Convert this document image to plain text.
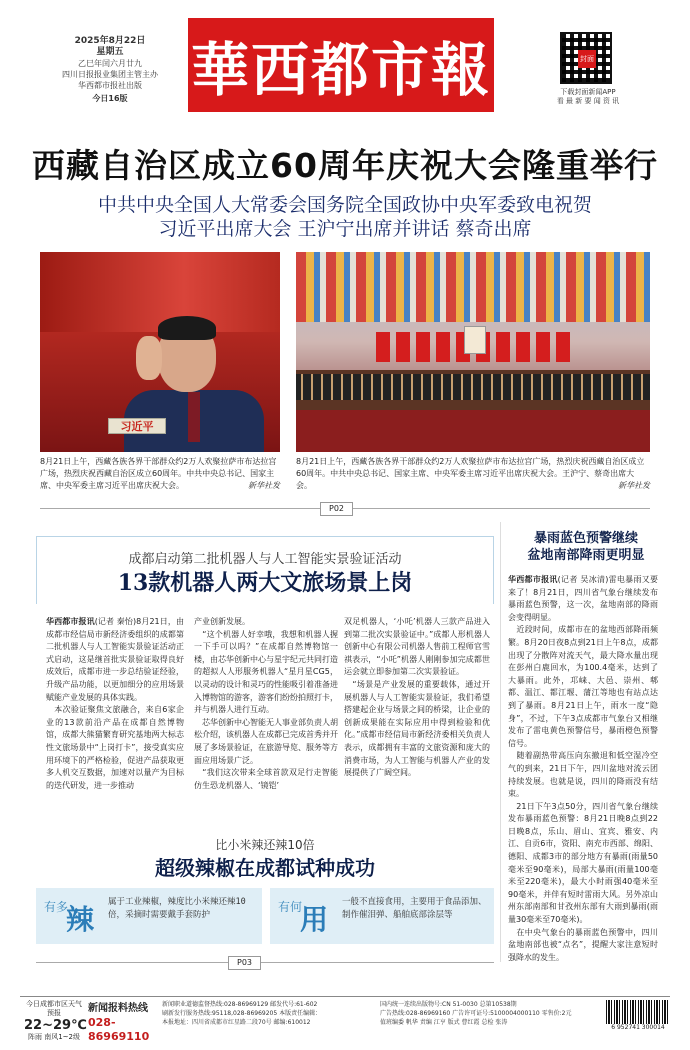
2025年8月22日
星期五
乙巳年闰六月廿九
四川日报报业集团主管主办
华西都市报社出版
今日16版	華西都市報	封面
下载封面新闻APP
看 最 新 要 闻 资 讯
西藏自治区成立60周年庆祝大会隆重举行
中共中央全国人大常委会国务院全国政协中央军委致电祝贺
习近平出席大会 王沪宁出席并讲话 蔡奇出席
习近平
8月21日上午，西藏各族各界干部群众约2万人欢聚拉萨市布达拉宫广场，热烈庆祝西藏自治区成立60周年。中共中央总书记、国家主席、中央军委主席习近平出席庆祝大会。	新华社发
8月21日上午，西藏各族各界干部群众约2万人欢聚拉萨市布达拉宫广场，热烈庆祝西藏自治区成立60周年。中共中央总书记、国家主席、中央军委主席习近平出席庆祝大会。王沪宁、蔡奇出席大会。	新华社发
P02
成都启动第二批机器人与人工智能实景验证活动
13款机器人两大文旅场景上岗
华西都市报讯(记者 秦怡)8月21日，由成都市经信局市新经济委组织的成都第二批机器人与人工智能实景验证活动正式启动，这是继首批实景验证取得良好成效后，成都市进一步总结验证经验，升级产品功能，以更加细分的应用场景赋能产业发展的具体实践。
　本次验证聚焦文旅融合，来自6家企业的13款前沿产品在成都自然博物馆，成都大熊猫繁育研究基地两大标志性文旅场景中“上岗打卡”，接受真实应用环境下的严格检验，促进产品获取更多人机交互数据，加速对以量产为目标的迭代研发，进一步推动
产业创新发展。
　“这个机器人好幸哦，我想和机器人握一下手可以吗？”在成都自然博物馆一楼，由芯华创新中心与星宇纪元共同打造的超拟人人形服务机器人“星月星CG5，以灵动的设计和灵巧的性能吸引着准备进入博物馆的游客，游客们纷纷拍照打卡，并与机器人进行互动。
　芯华创新中心智能无人事业部负责人胡松介绍，该机器人在成都已完成首秀并开展了多场景验证，在旅游导览、服务等方面应用场景广泛。
　“我们这次带来全球首款双足行走智能仿生恐龙机器人、‘镜铠’
双足机器人，‘小吒’机器人三款产品进入到第二批次实景验证中。”成都人形机器人创新中心有限公司机器人售前工程师官雪祺表示，“小吒”机器人刚刚参加完成都世运会就立即参加第二次实景验证。
　“场景是产业发展的重要载体，通过开展机器人与人工智能实景验证，我们希望搭建起企业与场景之间的桥梁，让企业的创新成果能在实际应用中得到检验和优化。”成都市经信局市新经济委相关负责人表示，成都拥有丰富的文旅资源和庞大的消费市场，为人工智能与机器人产业的发展提供了广阔空间。
暴雨蓝色预警继续
盆地南部降雨更明显
华西都市报讯(记者 吴冰清)雷电暴雨又要来了！8月21日，四川省气象台继续发布暴雨蓝色预警，这一次，盆地南部的降雨会变得明显。
　近段时间，成都市在的盆地西部降雨频繁。8月20日夜8点到21日上午8点，成都出现了分散阵对流天气，最大降水量出现在彭州白鹿回水，为100.4毫米，达到了大暴雨。此外，邛崃、大邑、崇州、郫都、温江、都江堰、蒲江等地也有站点达到了暴雨。8月21日上午，雨水一度“隐身”，不过，下午3点成都市气象台又相继发布了雷电黄色预警信号，暴雨橙色预警信号。
　随着副热带高压向东撤退和低空湿冷空气的到来，21日下午，四川盆地对流云团持续发展。也就是说，四川的降雨没有结束。
　21日下午3点50分，四川省气象台继续发布暴雨蓝色预警：8月21日晚8点到22日晚8点，乐山、眉山、宜宾、雅安、内江、自贡6市，资阳、南充市西部、绵阳、德阳、成都3市的部分地方有暴雨(雨量50毫米至90毫米)，局部大暴雨(雨量100毫米至220毫米)，最大小时雨强40毫米至90毫米，并伴有短时雷雨大风。另外凉山州东部南部和甘孜州东部有大雨到暴雨(雨量30毫米至70毫米)。
　在中央气象台的暴雨蓝色预警中，四川盆地南部也被“点名”，提醒大家注意短时强降水的发生。
比小米辣还辣10倍
超级辣椒在成都试种成功
有多
辣
属于工业辣椒，辣度比小米辣还辣10倍，采摘时需要戴手套防护
有何
用
一般不直接食用，主要用于食品添加、制作催泪弹、船舶底部涂层等
P03
今日成都市区天气预报
22~29℃
阵雨 南风1~2级
新闻报料热线
028-86969110
新闻职业道德监督热线:028-86969129 邮发代号:61-602
刷新发行服务热线:95118,028-86969205 本版责任编辑：
本报地址：四川省成都市红星路二段70号 邮编:610012
国内统一连续出版物号:CN 51-0030 总第10538期
广告热线:028-86969160 广告许可证号:5100004000110 零售价:2元
值班编委 帆华 责编 江亨 版式 曹红霞 总检 张涛
6 952741 300014
